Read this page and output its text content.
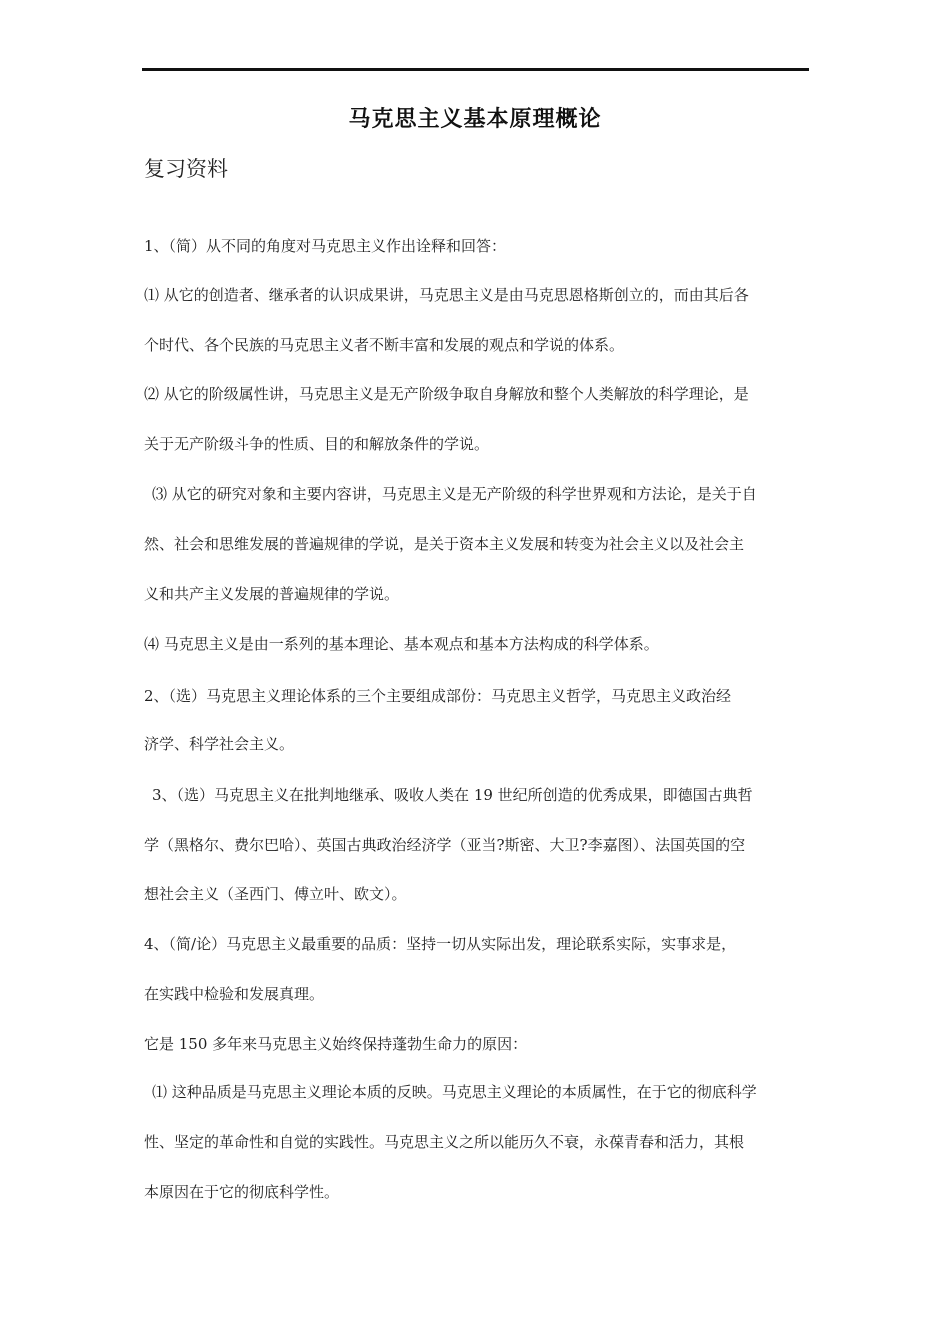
马克思主义基本原理概论
复习资料
1、（简）从不同的角度对马克思主义作出诠释和回答：
⑴ 从它的创造者、继承者的认识成果讲，马克思主义是由马克思恩格斯创立的，而由其后各
个时代、各个民族的马克思主义者不断丰富和发展的观点和学说的体系。
⑵ 从它的阶级属性讲，马克思主义是无产阶级争取自身解放和整个人类解放的科学理论，是
关于无产阶级斗争的性质、目的和解放条件的学说。
⑶ 从它的研究对象和主要内容讲，马克思主义是无产阶级的科学世界观和方法论，是关于自
然、社会和思维发展的普遍规律的学说，是关于资本主义发展和转变为社会主义以及社会主
义和共产主义发展的普遍规律的学说。
⑷ 马克思主义是由一系列的基本理论、基本观点和基本方法构成的科学体系。
2、（选）马克思主义理论体系的三个主要组成部份：马克思主义哲学，马克思主义政治经
济学、科学社会主义。
3、（选）马克思主义在批判地继承、吸收人类在 19 世纪所创造的优秀成果，即德国古典哲
学（黑格尔、费尔巴哈）、英国古典政治经济学（亚当?斯密、大卫?李嘉图）、法国英国的空
想社会主义（圣西门、傅立叶、欧文）。
4、（简/论）马克思主义最重要的品质：坚持一切从实际出发，理论联系实际，实事求是，
在实践中检验和发展真理。
它是 150 多年来马克思主义始终保持蓬勃生命力的原因：
⑴ 这种品质是马克思主义理论本质的反映。马克思主义理论的本质属性，在于它的彻底科学
性、坚定的革命性和自觉的实践性。马克思主义之所以能历久不衰，永葆青春和活力，其根
本原因在于它的彻底科学性。
